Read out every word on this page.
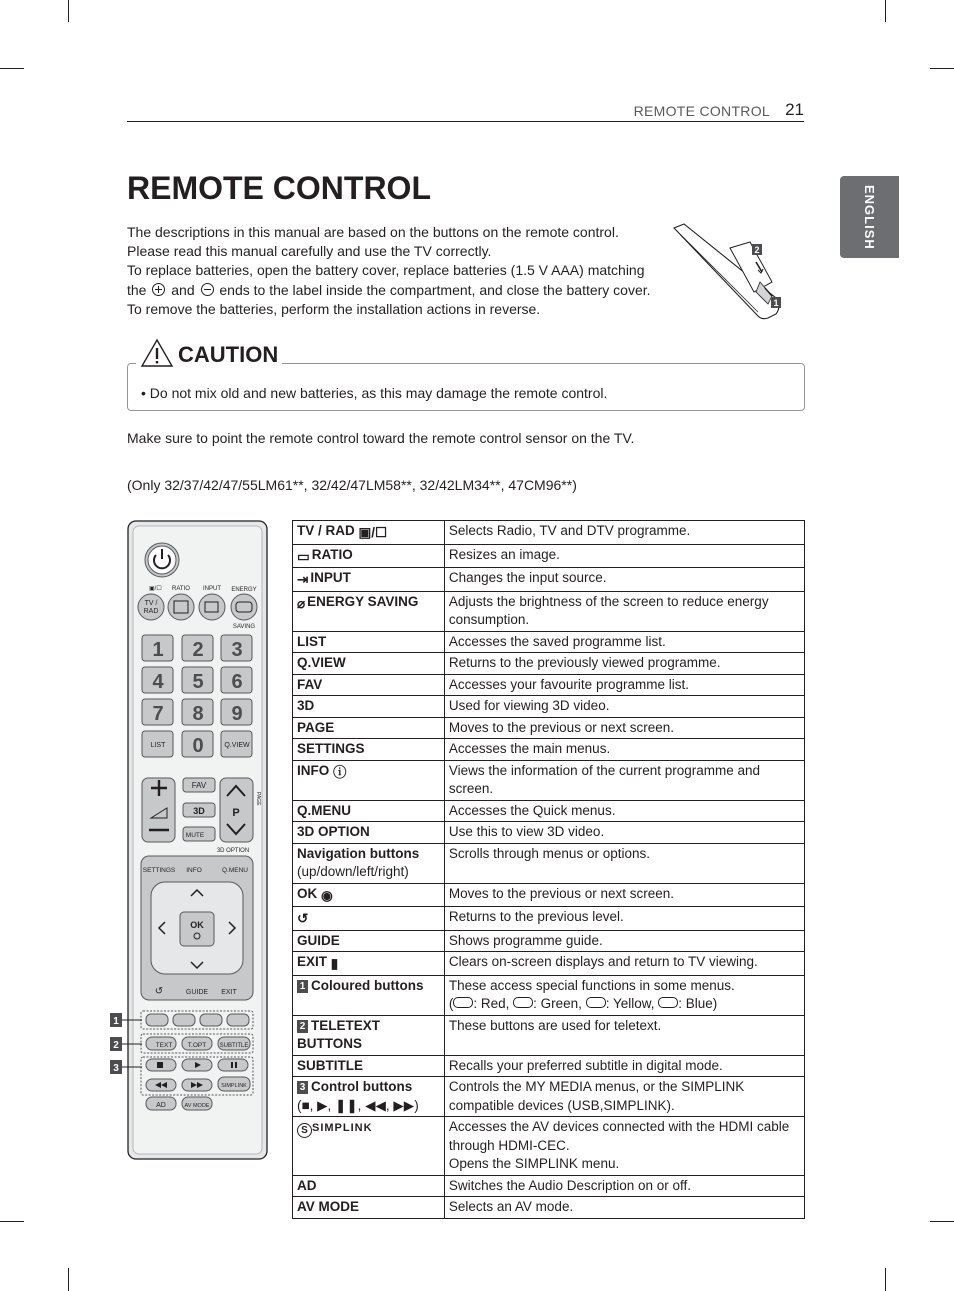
REMOTE CONTROL 21
ENGLISH
REMOTE CONTROL

The descriptions in this manual are based on the buttons on the remote control.

Please read this manual carefully and use the TV correctly.

To replace batteries, open the battery cover, replace batteries (1.5 V AAA) matching

the and ends to the label inside the compartment, and close the battery cover.

To remove the batteries, perform the installation actions in reverse.

2
1
CAUTION
• Do not mix old and new batteries, as this may damage the remote control.

Make sure to point the remote control toward the remote control sensor on the TV.

(Only 32/37/42/47/55LM61**, 32/42/47LM58**, 32/42LM34**, 47CM96**)

▣/☐ RATIO INPUT ENERGY
SAVING
TV /
RAD
1 2 3
4 5 6
7 8 9
0
LIST	Q.VIEW
FAV
3D
MUTE
P
PAGE
3D OPTION
SETTINGS INFO	Q.MENU
OK
↺	GUIDE EXIT
TEXT T.OPT SUBTITLE
SIMPLINK
AD	AV MODE
1
2
3
TV / RAD ▣/☐	Selects Radio, TV and DTV programme.
▭ RATIO	Resizes an image.
⇥ INPUT	Changes the input source.
⌀ ENERGY SAVING	Adjusts the brightness of the screen to reduce energy consumption.
LIST	Accesses the saved programme list.
Q.VIEW	Returns to the previously viewed programme.
FAV	Accesses your favourite programme list.
3D	Used for viewing 3D video.
PAGE	Moves to the previous or next screen.
SETTINGS	Accesses the main menus.
INFO ⓘ	Views the information of the current programme and screen.
Q.MENU	Accesses the Quick menus.
3D OPTION	Use this to view 3D video.
Navigation buttons
(up/down/left/right)	Scrolls through menus or options.
OK ◉	Moves to the previous or next screen.
↺	Returns to the previous level.
GUIDE	Shows programme guide.
EXIT ▮	Clears on-screen displays and return to TV viewing.
1 Coloured buttons	These access special functions in some menus.
( : Red, : Green, : Yellow, : Blue)
2 TELETEXT BUTTONS	These buttons are used for teletext.
SUBTITLE	Recalls your preferred subtitle in digital mode.
3 Control buttons
(■, ▶, ❚❚, ◀◀, ▶▶)	Controls the MY MEDIA menus, or the SIMPLINK compatible devices (USB,SIMPLINK).
S SIMPLINK	Accesses the AV devices connected with the HDMI cable through HDMI-CEC.
Opens the SIMPLINK menu.
AD	Switches the Audio Description on or off.
AV MODE	Selects an AV mode.
